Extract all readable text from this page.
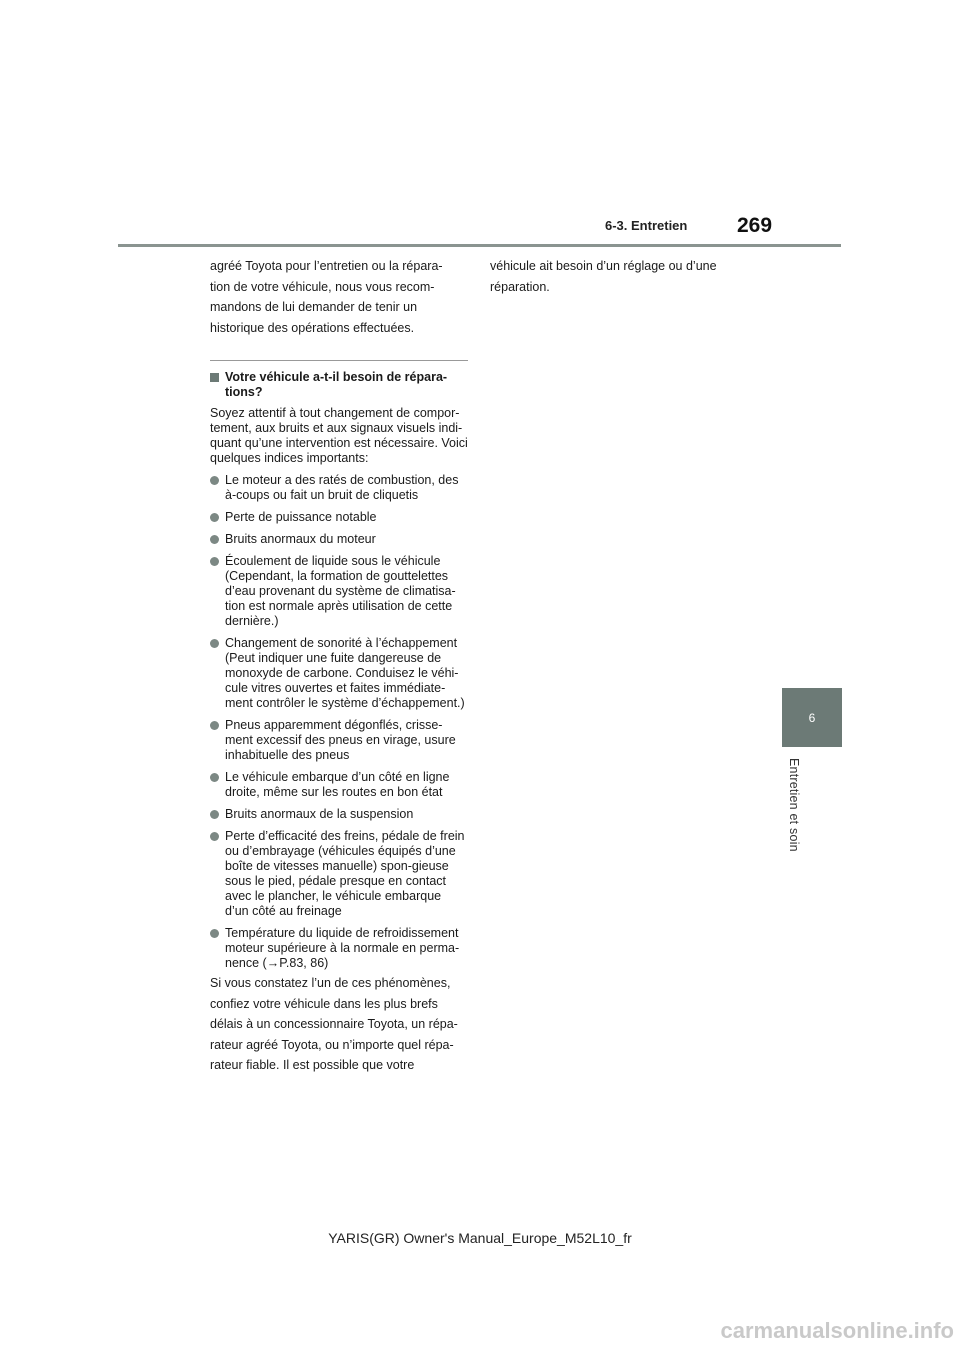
6-3. Entretien 269
6
Entretien et soin

agréé Toyota pour l’entretien ou la répara-

tion de votre véhicule, nous vous recom-

mandons de lui demander de tenir un

historique des opérations effectuées.

Votre véhicule a-t-il besoin de répara-tions?

Soyez attentif à tout changement de compor-tement, aux bruits et aux signaux visuels indi-quant qu’une intervention est nécessaire. Voici quelques indices importants:

Le moteur a des ratés de combustion, des à-coups ou fait un bruit de cliquetis
Perte de puissance notable
Bruits anormaux du moteur
Écoulement de liquide sous le véhicule (Cependant, la formation de gouttelettes d’eau provenant du système de climatisa-tion est normale après utilisation de cette dernière.)
Changement de sonorité à l’échappement (Peut indiquer une fuite dangereuse de monoxyde de carbone. Conduisez le véhi-cule vitres ouvertes et faites immédiate-ment contrôler le système d’échappement.)
Pneus apparemment dégonflés, crisse-ment excessif des pneus en virage, usure inhabituelle des pneus
Le véhicule embarque d’un côté en ligne droite, même sur les routes en bon état
Bruits anormaux de la suspension
Perte d’efficacité des freins, pédale de frein ou d’embrayage (véhicules équipés d’une boîte de vitesses manuelle) spon-gieuse sous le pied, pédale presque en contact avec le plancher, le véhicule embarque d’un côté au freinage
Température du liquide de refroidissement moteur supérieure à la normale en perma-nence (→P.83, 86)

Si vous constatez l’un de ces phénomènes,

confiez votre véhicule dans les plus brefs

délais à un concessionnaire Toyota, un répa-

rateur agréé Toyota, ou n’importe quel répa-

rateur fiable. Il est possible que votre

véhicule ait besoin d’un réglage ou d’une

réparation.

YARIS(GR) Owner's Manual_Europe_M52L10_fr
carmanualsonline.info
